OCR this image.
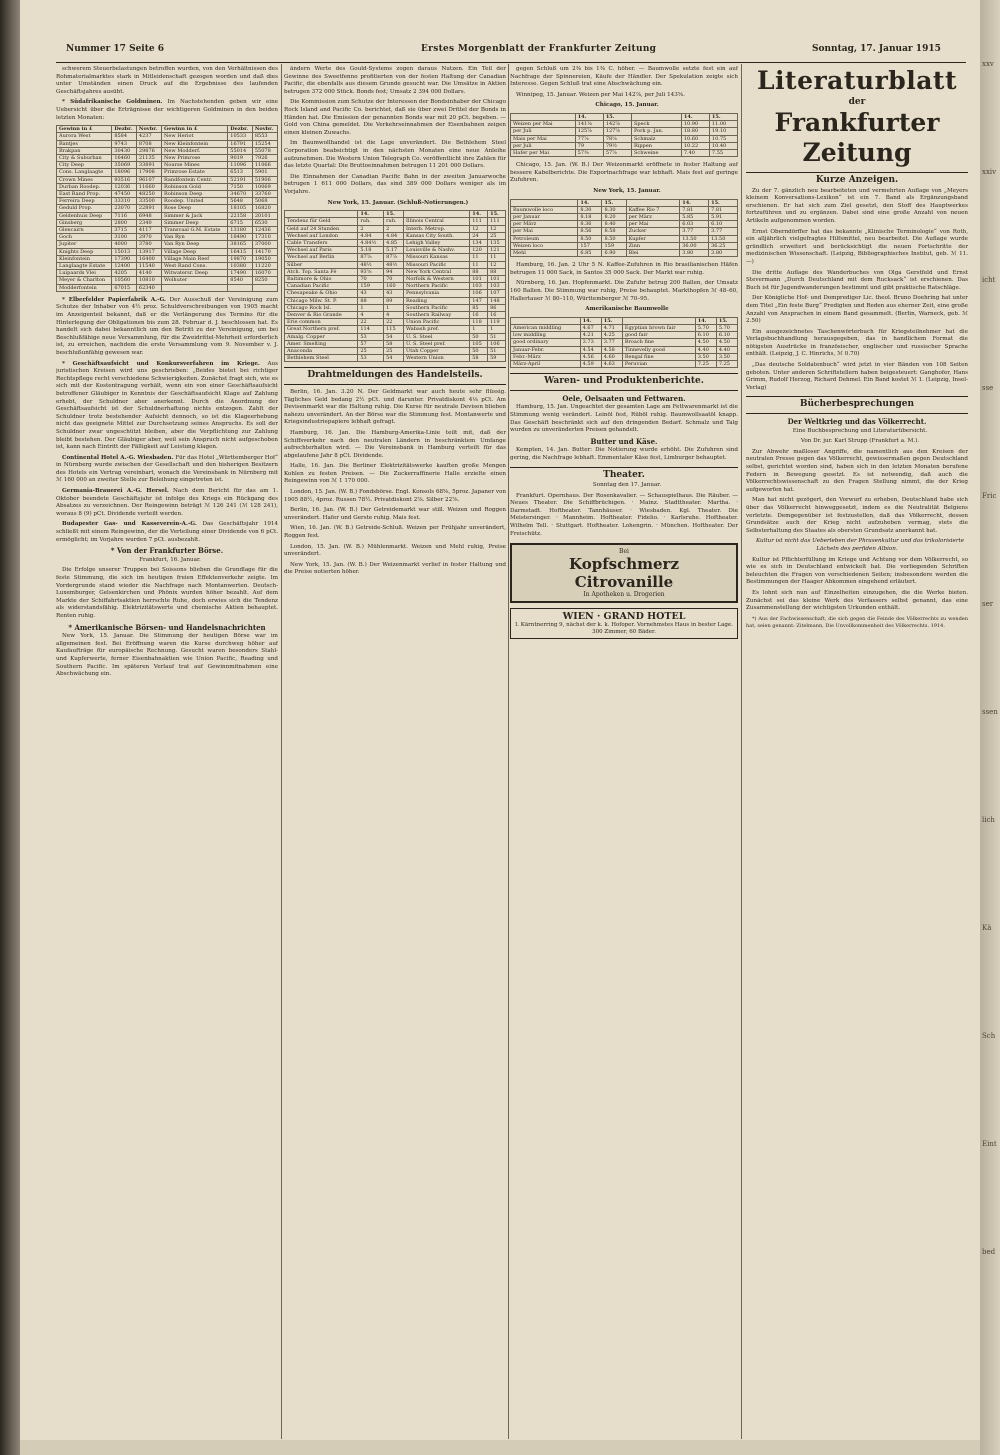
Nummer 17 Seite 6	Erstes Morgenblatt der Frankfurter Zeitung	Sonntag, 17. Januar 1915

schwerem Steuerbelastungen betroffen wurden, von den Verhältnissen des Rohmaterialmarktes stark in Mitleidenschaft gezogen worden und daß dies unter Umständen einen Druck auf die Ergebnisse des laufenden Geschäftsjahres ausübt.

* Südafrikanische Goldminen. Im Nachstehenden geben wir eine Uebersicht über die Erträgnisse der wichtigeren Goldminen in den beiden letzten Monaten:

Gewinn in £	Dezbr.	Novbr.	Gewinn in £	Dezbr.	Novbr.
Aurora West	8584	4237	New Heriot	10533	8553
Bantjes	9743	8708	New Kleinfontein	16791	15254
Brakpan	30430	29876	New Modderf.	55014	55078
City & Suburban	16460	21135	New Primrose	9019	7926
City Deep	35069	33891	Nourse Mines	11096	11066
Cons. Langlaagte	18096	17908	Primrose Estate	6513	5901
Crown Mines	93516	96107	Randfontein Centr.	52191	51906
Durban Roodep.	12036	11660	Robinson Gold	7150	10069
East Rand Prop.	47450	48250	Robinson Deep	34670	33760
Ferreira Deep	33310	33500	Roodep. United	5648	5068
Geduld Prop.	23070	22891	Rose Deep	18105	16820
Geldenhuis Deep	7116	6948	Simmer & Jack	22158	20101
Ginsberg	2800	2340	Simmer Deep	6715	6530
Glencairn	3715	4117	Transvaal G.M. Estate	13180	12436
Goch	3100	2970	Van Ryn	18490	17310
Jupiter	4000	3780	Van Ryn Deep	38165	37000
Knights Deep	15013	13917	Village Deep	16415	14170
Kleinfontein	17390	16400	Village Main Reef	19870	19050
Langlaagte Estate	12400	11540	West Rand Cons.	10380	11220
Luipaards Vlei	4205	4140	Witwatersr. Deep	17490	16070
Meyer & Charlton	10560	10810	Wolhuter	8540	8250
Modderfontein	67015	62340			

* Elberfelder Papierfabrik A.-G. Der Ausschuß der Vereinigung zum Schutze der Inhaber von 4½ proz. Schuldverschreibungen von 1905 macht im Anzeigenteil bekannt, daß er die Verlängerung des Termins für die Hinterlegung der Obligationen bis zum 28. Februar d. J. beschlossen hat. Es handelt sich dabei bekanntlich um den Betritt zu der Vereinigung, um bei Beschlußfähige neue Versammlung, für die Zweidrittel-Mehrheit erforderlich ist, zu erreichen, nachdem die erste Versammlung vom 9. November v. J. beschlußunfähig gewesen war.

* Geschäftsaufsicht und Konkursverfahren im Kriege. Aus juristischen Kreisen wird uns geschrieben: „Beides bietet bei richtiger Rechtspflege recht verschiedene Schwierigkeiten. Zunächst fragt sich, wie es sich mit der Kostentragung verhält, wenn ein von einer Geschäftsaufsicht betroffener Gläubiger in Kenntnis der Geschäftsaufsicht Klage auf Zahlung erhebt, der Schuldner aber anerkennt. Durch die Anordnung der Geschäftsaufsicht ist der Schuldnerhaftung nichts entzogen. Zahlt der Schuldner trotz bestehender Aufsicht dennoch, so ist die Klageerhebung nicht das geeignete Mittel zur Durchsetzung seines Anspruchs. Es soll der Schuldner zwar ungeschützt bleiben, aber die Verpflichtung zur Zahlung bleibt bestehen. Der Gläubiger aber, weil sein Anspruch nicht aufgeschoben ist, kann nach Eintritt der Fälligkeit auf Leistung klagen.

Continental Hotel A.-G. Wiesbaden. Für das Hotel „Württemberger Hof“ in Nürnberg wurde zwischen der Gesellschaft und den bisherigen Besitzern des Hotels ein Vertrag vereinbart, wonach die Vereinsbank in Nürnberg mit ℳ 160 000 an zweiter Stelle zur Beleihung eingetreten ist.

Germania-Brauerei A.-G. Hersel. Nach dem Bericht für das am 1. Oktober beendete Geschäftsjahr ist infolge des Kriegs ein Rückgang des Absatzes zu verzeichnen. Der Reingewinn beträgt ℳ 126 241 (ℳ 128 241), woraus 8 (9) pCt. Dividende verteilt werden.

Budapester Gas- und Kasseverein-A.-G. Das Geschäftsjahr 1914 schließt mit einem Reingewinn, der die Verteilung einer Dividende von 6 pCt. ermöglicht; im Vorjahre wurden 7 pCt. ausbezahlt.

* Von der Frankfurter Börse.

Frankfurt, 16. Januar.

Die Erfolge unserer Truppen bei Soissons blieben die Grundlage für die feste Stimmung, die sich im heutigen freien Effektenverkehr zeigte. Im Vordergrunde stand wieder die Nachfrage nach Montanwerten. Deutsch-Luxemburger, Gelsenkirchen und Phönix wurden höher bezahlt. Auf dem Markte der Schiffahrtsaktien herrschte Ruhe, doch erwies sich die Tendenz als widerstandsfähig. Elektrizitätswerte und chemische Aktien behauptet. Renten ruhig.

* Amerikanische Börsen- und Handelsnachrichten

New York, 15. Januar. Die Stimmung der heutigen Börse war im allgemeinen fest. Bei Eröffnung waren die Kurse durchweg höher auf Kaufaufträge für europäische Rechnung. Gesucht waren besonders Stahl- und Kupferwerte, ferner Eisenbahnaktien wie Union Pacific, Reading und Southern Pacific. Im späteren Verlauf trat auf Gewinnmitnahmen eine Abschwächung ein.

ändern Werte des Gould-Systems zogen daraus Nutzen. Ein Teil der Gewinne des Sweetfenno profitierten von der festen Haltung der Canadian Pacific, die ebenfalls aus diesem Grunde gesucht war. Die Umsätze in Aktien betrugen 372 000 Stück. Bonds fest; Umsatz 2 394 000 Dollars.

Die Kommission zum Schutze der Interessen der Bondsinhaber der Chicago Rock Island and Pacific Co. berichtet, daß sie über zwei Drittel der Bonds in Händen hat. Die Emission der genannten Bonds war mit 20 pCt. begeben. — Gold von China gemeldet. Die Verkehrseinnahmen der Eisenbahnen zeigen einen kleinen Zuwachs.

Im Baumwollhandel ist die Lage unverändert. Die Bethlehem Steel Corporation beabsichtigt in den nächsten Monaten eine neue Anleihe aufzunehmen. Die Western Union Telegraph Co. veröffentlicht ihre Zahlen für das letzte Quartal: Die Bruttoeinnahmen betrugen 11 201 000 Dollars.

Die Einnahmen der Canadian Pacific Bahn in der zweiten Januarwoche betrugen 1 611 000 Dollars, das sind 389 000 Dollars weniger als im Vorjahre.

New York, 15. Januar. (Schluß-Notierungen.)

	14.	15.		14.	15.
Tendenz für Geld	ruh.	ruh.	Illinois Central	111	111
Geld auf 24 Stunden	2	2	Interb. Metrop.	12	12
Wechsel auf London	4.84	4.84	Kansas City South.	24	25
Cable Transfers	4.84½	4.85	Lehigh Valley	134	135
Wechsel auf Paris	5.18	5.17	Louisville & Nashv.	120	121
Wechsel auf Berlin	87⅞	87⅞	Missouri Kansas	11	11
Silber	48½	48½	Missouri Pacific	11	12
Atch. Top. Santa Fé	93⅝	94	New York Central	88	88
Baltimore & Ohio	70	70	Norfolk & Western	101	101
Canadian Pacific	159	160	Northern Pacific	103	103
Chesapeake & Ohio	43	43	Pennsylvania	106	107
Chicago Milw. St. P.	88	89	Reading	147	148
Chicago Rock Isl.	1	1	Southern Pacific	85	86
Denver & Rio Grande	4	4	Southern Railway	16	16
Erie common	22	22	Union Pacific	118	119
Great Northern pref.	114	115	Wabash pref.	1	1
Amalg. Copper	53	54	U. S. Steel	50	51
Amer. Smelting	57	58	U. S. Steel pref.	105	106
Anaconda	25	25	Utah Copper	50	51
Bethlehem Steel	53	54	Western Union	58	59
Drahtmeldungen des Handelsteils.

Berlin, 16. Jan. 3.20 N. Der Geldmarkt war auch heute sehr flüssig. Tägliches Geld bedang 2½ pCt. und darunter. Privatdiskont 4⅛ pCt. Am Devisenmarkt war die Haltung ruhig. Die Kurse für neutrale Devisen blieben nahezu unverändert. An der Börse war die Stimmung fest. Montanwerte und Kriegsindustriepapiere lebhaft gefragt.

Hamburg, 16. Jan. Die Hamburg-Amerika-Linie teilt mit, daß der Schiffsverkehr nach den neutralen Ländern in beschränktem Umfange aufrechterhalten wird. — Die Vereinsbank in Hamburg verteilt für das abgelaufene Jahr 8 pCt. Dividende.

Halle, 16. Jan. Die Berliner Elektrizitätswerke kauften große Mengen Kohlen zu festen Preisen. — Die Zuckerraffinerie Halle erzielte einen Reingewinn von ℳ 1 170 000.

London, 15. Jan. (W. B.) Fondsbörse. Engl. Konsols 68⅝, 5proz. Japaner von 1905 88½, 4proz. Russen 78½. Privatdiskont 2⅞. Silber 22⅞.

Berlin, 16. Jan. (W. B.) Der Getreidemarkt war still. Weizen und Roggen unverändert. Hafer und Gerste ruhig. Mais fest.

Wien, 16. Jan. (W. B.) Getreide-Schluß. Weizen per Frühjahr unverändert, Roggen fest.

London, 15. Jan. (W. B.) Mühlenmarkt. Weizen und Mehl ruhig, Preise unverändert.

New York, 15. Jan. (W. B.) Der Weizenmarkt verlief in fester Haltung und die Preise notierten höher.

gegen Schluß um 2⅜ bis 1⅜ C. höher. — Baumwolle setzte fest ein auf Nachfrage der Spinnereien, Käufe der Händler. Der Spekulation zeigte sich Interesse. Gegen Schluß trat eine Abschwächung ein.

Winnipeg, 15. Januar. Weizen per Mai 142⅞, per Juli 143⅝.

Chicago, 15. Januar.

	14.	15.		14.	15.
Weizen per Mai	141⅛	142⅝	Speck	10.90	11.00
per Juli	125⅞	127⅝	Pork p. Jan.	18.80	19.10
Mais per Mai	77⅞	78⅝	Schmalz	10.60	10.75
per Juli	79	79½	Rippen	10.22	10.40
Hafer per Mai	57⅜	57⅞	Schweine	7.40	7.55

Chicago, 15. Jan. (W. B.) Der Weizenmarkt eröffnete in fester Haltung auf bessere Kabelberichte. Die Exportnachfrage war lebhaft. Mais fest auf geringe Zufuhren.

New York, 15. Januar.

	14.	15.		14.	15.
Baumwolle loco	8.30	8.30	Kaffee Rio 7	7.81	7.81
per Januar	8.18	8.20	per März	5.85	5.91
per März	8.36	8.40	per Mai	6.03	6.10
per Mai	8.56	8.58	Zucker	3.77	3.77
Petroleum	8.50	8.50	Kupfer	13.50	13.50
Weizen loco	157	159	Zinn	36.00	36.25
Mehl	6.85	6.90	Blei	3.80	3.80

Hamburg, 16. Jan. 2 Uhr 5 N. Kaffee-Zufuhren in Rio brasilianischen Häfen betrugen 11 000 Sack, in Santos 35 000 Sack. Der Markt war ruhig.

Nürnberg, 16. Jan. Hopfenmarkt. Die Zufuhr betrug 200 Ballen, der Umsatz 160 Ballen. Die Stimmung war ruhig, Preise behauptet. Markthopfen ℳ 48–60, Hallertauer ℳ 80–110, Württemberger ℳ 70–95.

Amerikanische Baumwolle

	14.	15.		14.	15.
American middling	4.67	4.71	Egyptian brown fair	5.70	5.70
low middling	4.21	4.25	good fair	6.10	6.10
good ordinary	3.73	3.77	Broach fine	4.50	4.50
Januar-Febr.	4.54	4.58	Tinnevelly good	4.40	4.40
Febr.-März	4.56	4.60	Bengal fine	3.50	3.50
März-April	4.59	4.63	Peruvian	7.25	7.25
Waren- und Produktenberichte.
Oele, Oelsaaten und Fettwaren.

Hamburg, 15. Jan. Ungeachtet der gesamten Lage am Fettwarenmarkt ist die Stimmung wenig verändert. Leinöl fest, Rüböl ruhig. Baumwollsaatöl knapp. Das Geschäft beschränkt sich auf den dringenden Bedarf. Schmalz und Talg wurden zu unveränderten Preisen gehandelt.

Butter und Käse.

Kempten, 14. Jan. Butter: Die Notierung wurde erhöht. Die Zufuhren sind gering, die Nachfrage lebhaft. Emmentaler Käse fest, Limburger behauptet.

Theater.

Sonntag den 17. Januar.

Frankfurt. Opernhaus. Der Rosenkavalier. — Schauspielhaus. Die Räuber. — Neues Theater. Die Schiffbrüchigen. · Mainz. Stadttheater. Martha. · Darmstadt. Hoftheater. Tannhäuser. · Wiesbaden. Kgl. Theater. Die Meistersinger. · Mannheim. Hoftheater. Fidelio. · Karlsruhe. Hoftheater. Wilhelm Tell. · Stuttgart. Hoftheater. Lohengrin. · München. Hoftheater. Der Freischütz.

Bei
Kopfschmerz
Citrovanille
In Apotheken u. Drogerien
WIEN · GRAND HOTEL
I. Kärntnerring 9, nächst der k. k. Hofoper. Vornehmstes Haus in bester Lage. 300 Zimmer, 60 Bäder.
Literaturblatt
der
Frankfurter Zeitung
Kurze Anzeigen.

Zu der 7. gänzlich neu bearbeiteten und vermehrten Auflage von „Meyers kleinem Konversations-Lexikon“ ist ein 7. Band als Ergänzungsband erschienen. Er hat sich zum Ziel gesetzt, den Stoff des Hauptwerkes fortzuführen und zu ergänzen. Dabei sind eine große Anzahl von neuen Artikeln aufgenommen worden.

Ernst Oberndörffer hat das bekannte „Klinische Terminologie“ von Roth, ein alljährlich vielgefragtes Hilfsmittel, neu bearbeitet. Die Auflage wurde gründlich erweitert und berücksichtigt die neuen Fortschritte der medizinischen Wissenschaft. (Leipzig, Bibliographisches Institut, geb. ℳ 11.—)

Die dritte Auflage des Wanderbuches von Olga Gerstfeld und Ernst Stevermann „Durch Deutschland mit dem Rucksack“ ist erschienen. Das Buch ist für Jugendwanderungen bestimmt und gibt praktische Ratschläge.

Der Königliche Hof- und Domprediger Lic. theol. Bruno Doehring hat unter dem Titel „Ein feste Burg“ Predigten und Reden aus eherner Zeit, eine große Anzahl von Ansprachen in einem Band gesammelt. (Berlin, Warneck, geb. ℳ 2.50)

Ein ausgezeichnetes Taschenwörterbuch für Kriegsteilnehmer hat die Verlagsbuchhandlung herausgegeben, das in handlichem Format die nötigsten Ausdrücke in französischer, englischer und russischer Sprache enthält. (Leipzig, J. C. Hinrichs, ℳ 0.70)

„Das deutsche Soldatenbuch“ wird jetzt in vier Bänden von 108 Seiten geboten. Unter anderen Schriftstellern haben beigesteuert: Ganghofer, Hans Grimm, Rudolf Herzog, Richard Dehmel. Ein Band kostet ℳ 1. (Leipzig, Insel-Verlag)

Bücherbesprechungen
Der Weltkrieg und das Völkerrecht.

Eine Buchbesprechung und Literaturübersicht.

Von Dr. jur. Karl Strupp (Frankfurt a. M.).

Zur Abwehr maßloser Angriffe, die namentlich aus den Kreisen der neutralen Presse gegen das Völkerrecht, gewissermaßen gegen Deutschland selbst, gerichtet worden sind, haben sich in den letzten Monaten berufene Federn in Bewegung gesetzt. Es ist notwendig, daß auch die Völkerrechtswissenschaft zu den Fragen Stellung nimmt, die der Krieg aufgeworfen hat.

Man hat nicht gezögert, den Vorwurf zu erheben, Deutschland habe sich über das Völkerrecht hinweggesetzt, indem es die Neutralität Belgiens verletzte. Demgegenüber ist festzustellen, daß das Völkerrecht, dessen Grundsätze auch der Krieg nicht aufzuheben vermag, stets die Selbsterhaltung des Staates als obersten Grundsatz anerkannt hat.

Kultur ist nicht das Ueberleben der Phrasenkultur und das trikolorisierte Lächeln des perfiden Albion.

Kultur ist Pflichterfüllung im Kriege und Achtung vor dem Völkerrecht, so wie es sich in Deutschland entwickelt hat. Die vorliegenden Schriften beleuchten die Fragen von verschiedenen Seiten; insbesondere werden die Bestimmungen der Haager Abkommen eingehend erläutert.

Es lohnt sich nun auf Einzelheiten einzugehen, die die Werke bieten. Zunächst sei das kleine Werk des Verfassers selbst genannt, das eine Zusammenstellung der wichtigsten Urkunden enthält.

*) Aus der Fachwissenschaft, die sich gegen die Feinde des Völkerrechts zu wenden hat, seien genannt: Zitelmann, Die Unvollkommenheit des Völkerrechts. 1914.

xxv
xxiv
icht
sse
Fric
ser
ssen
lich
Kä
Sch
Eint
bed
